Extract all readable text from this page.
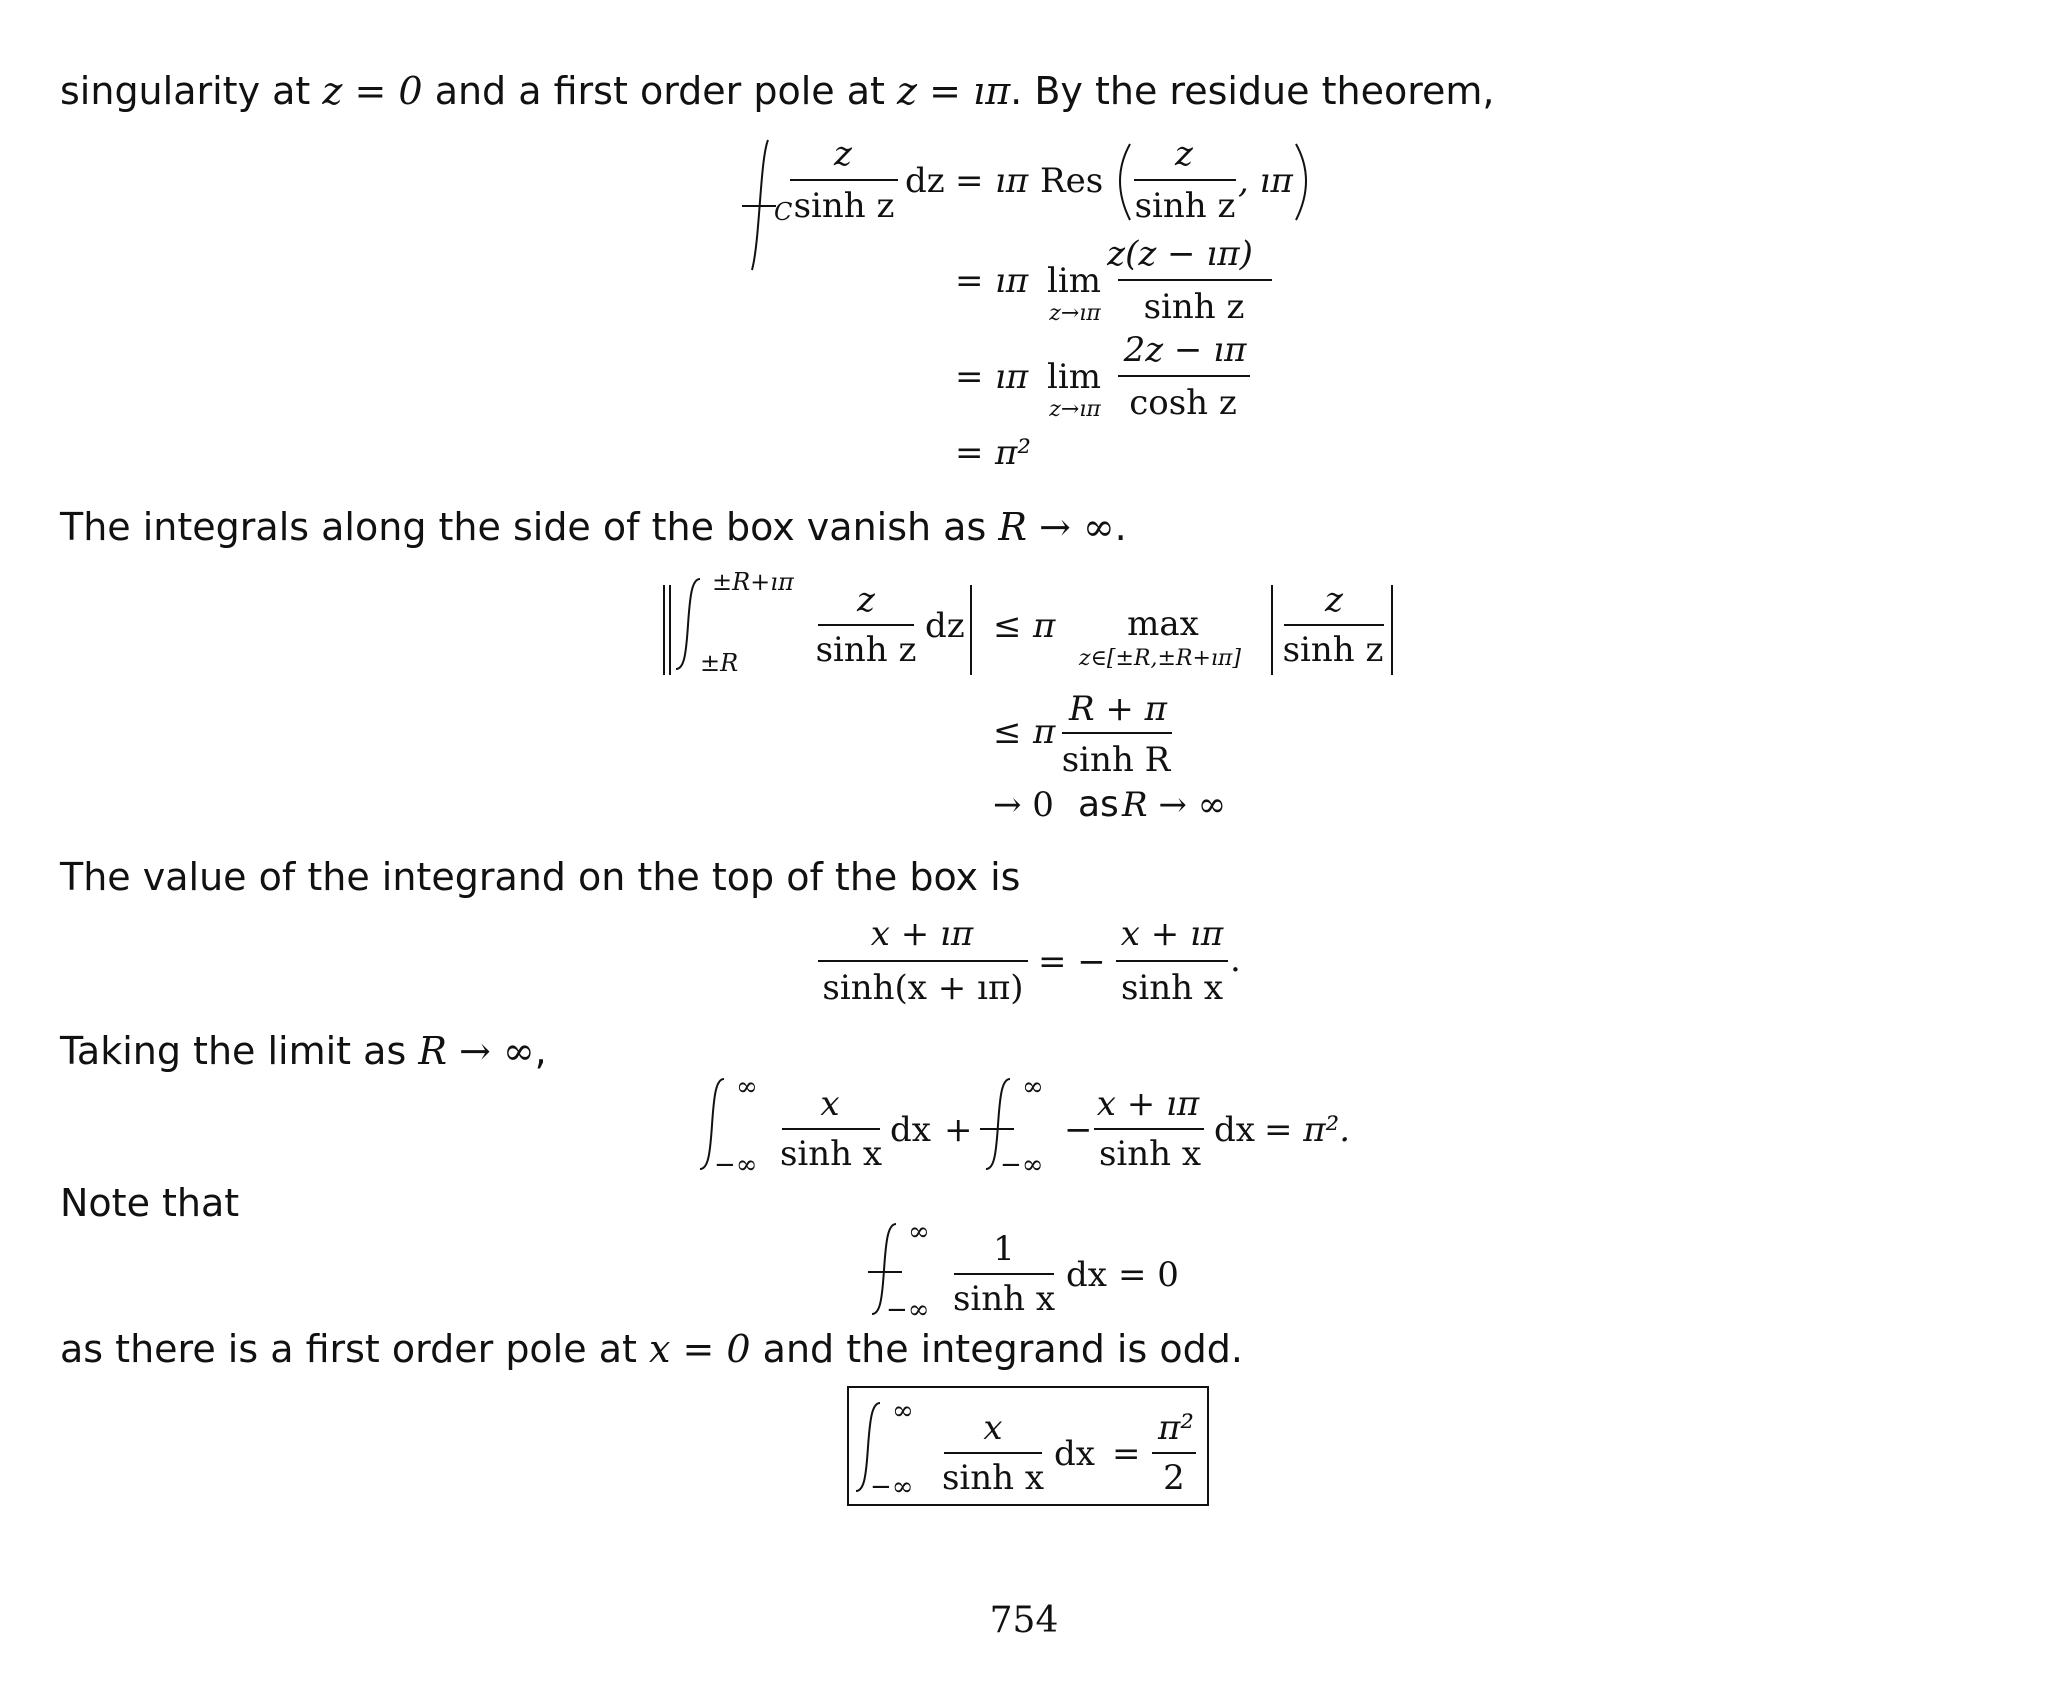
singularity at z = 0 and a first order pole at z = ıπ. By the residue theorem,
C
z
sinh z
dz = ıπ Res
z
sinh z
, ıπ
= ıπ lim
z→ıπ
z(z − ıπ)
sinh z
= ıπ lim
z→ıπ
2z − ıπ
cosh z
= π²
The integrals along the side of the box vanish as R → ∞.
±R+ıπ
±R
z
sinh z
dz ≤ π max
z∈[±R,±R+ıπ]
z
sinh z
≤ π
R + π
sinh R
→ 0 as R → ∞
The value of the integrand on the top of the box is
x + ıπ
sinh(x + ıπ)
= −
x + ıπ
sinh x
.
Taking the limit as R → ∞,
∞
−∞
x
sinh x
dx +
∞
−∞
−
x + ıπ
sinh x
dx = π².
Note that
∞
−∞
1
sinh x
dx = 0
as there is a first order pole at x = 0 and the integrand is odd.
∞
−∞
x
sinh x
dx =
π²
2
754
